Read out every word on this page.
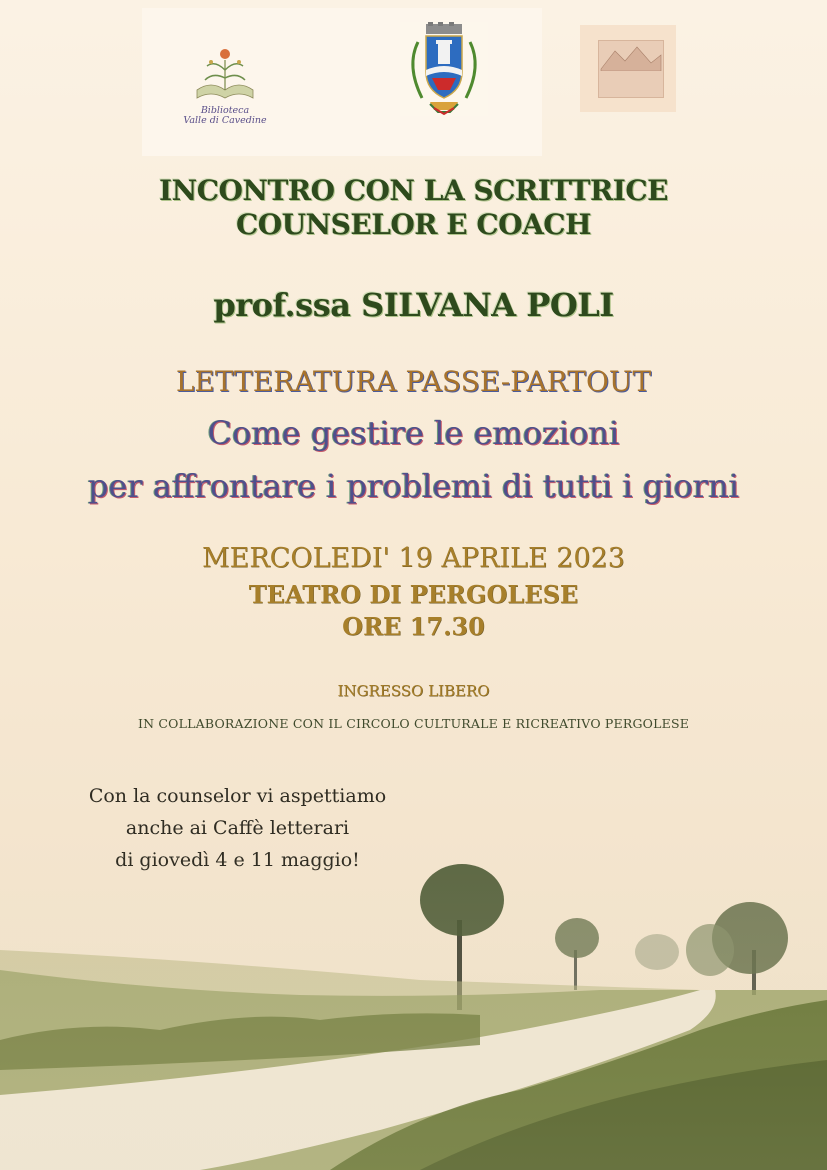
Biblioteca
Valle di Cavedine
INCONTRO CON LA SCRITTRICE
COUNSELOR E COACH
prof.ssa SILVANA POLI
LETTERATURA PASSE-PARTOUT
Come gestire le emozioni
per affrontare i problemi di tutti i giorni
MERCOLEDI' 19 APRILE 2023
TEATRO DI PERGOLESE
ORE 17.30
INGRESSO LIBERO
IN COLLABORAZIONE CON IL CIRCOLO CULTURALE E RICREATIVO PERGOLESE
Con la counselor vi aspettiamo
anche ai Caffè letterari
di giovedì 4 e 11 maggio!
